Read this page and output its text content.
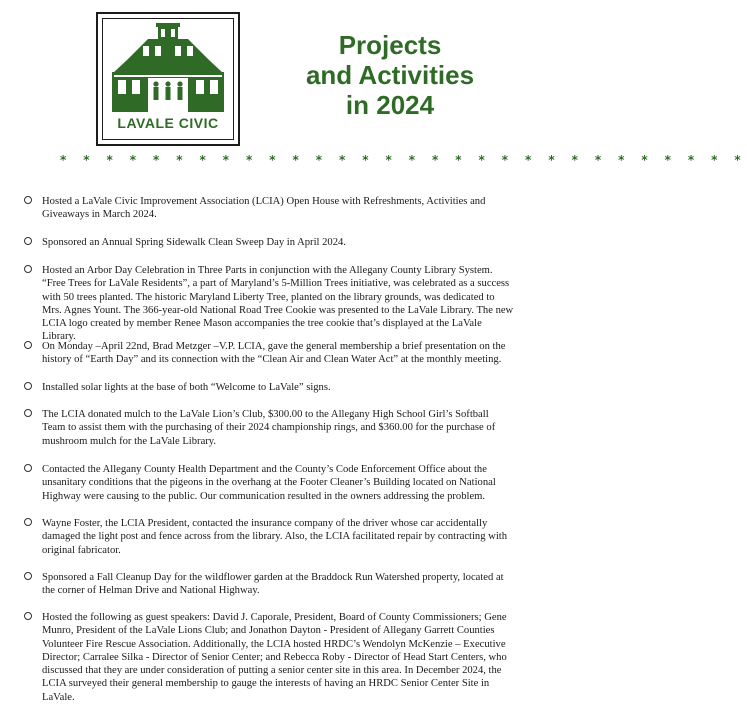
LAVALE CIVIC
Projects
and Activities
in 2024
* * * * * * * * * * * * * * * * * * * * * * * * * * * * * *
Hosted a LaVale Civic Improvement Association (LCIA) Open House with Refreshments, Activities and Giveaways in March 2024.
Sponsored an Annual Spring Sidewalk Clean Sweep Day in April 2024.
Hosted an Arbor Day Celebration in Three Parts in conjunction with the Allegany County Library System. “Free Trees for LaVale Residents”, a part of Maryland’s 5-Million Trees initiative, was celebrated as a success with 50 trees planted. The historic Maryland Liberty Tree, planted on the library grounds, was dedicated to Mrs. Agnes Yount. The 366-year-old National Road Tree Cookie was presented to the LaVale Library. The new LCIA logo created by member Renee Mason accompanies the tree cookie that’s displayed at the LaVale Library.
On Monday –April 22nd, Brad Metzger –V.P. LCIA, gave the general membership a brief presentation on the history of “Earth Day” and its connection with the “Clean Air and Clean Water Act” at the monthly meeting.
Installed solar lights at the base of both “Welcome to LaVale” signs.
The LCIA donated mulch to the LaVale Lion’s Club, $300.00 to the Allegany High School Girl’s Softball Team to assist them with the purchasing of their 2024 championship rings, and $360.00 for the purchase of mushroom mulch for the LaVale Library.
Contacted the Allegany County Health Department and the County’s Code Enforcement Office about the unsanitary conditions that the pigeons in the overhang at the Footer Cleaner’s Building located on National Highway were causing to the public. Our communication resulted in the owners addressing the problem.
Wayne Foster, the LCIA President, contacted the insurance company of the driver whose car accidentally damaged the light post and fence across from the library. Also, the LCIA facilitated repair by contracting with original fabricator.
Sponsored a Fall Cleanup Day for the wildflower garden at the Braddock Run Watershed property, located at the corner of Helman Drive and National Highway.
Hosted the following as guest speakers: David J. Caporale, President, Board of County Commissioners; Gene Munro, President of the LaVale Lions Club; and Jonathon Dayton - President of Allegany Garrett Counties Volunteer Fire Rescue Association. Additionally, the LCIA hosted HRDC’s Wendolyn McKenzie – Executive Director; Carralee Silka - Director of Senior Center; and Rebecca Roby - Director of Head Start Centers, who discussed that they are under consideration of putting a senior center site in this area. In December 2024, the LCIA surveyed their general membership to gauge the interests of having an HRDC Senior Center Site in LaVale.
